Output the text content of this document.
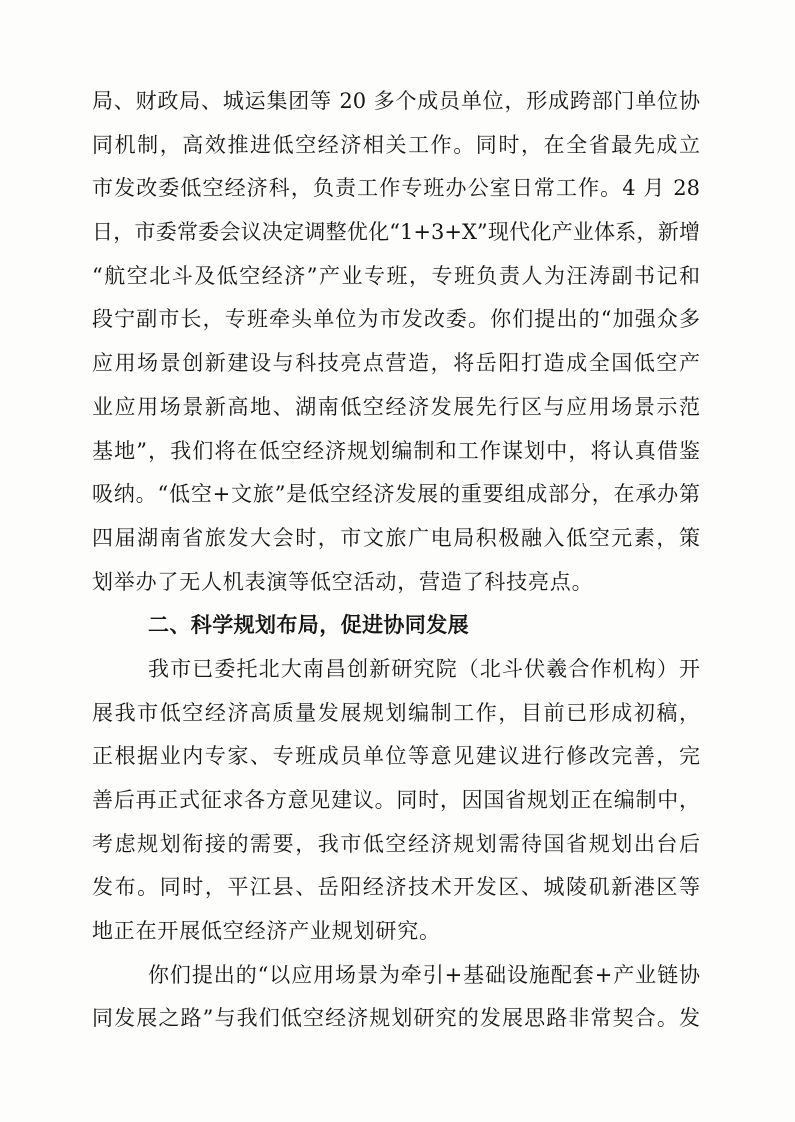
局、财政局、城运集团等 20 多个成员单位，形成跨部门单位协
同机制，高效推进低空经济相关工作。同时，在全省最先成立
市发改委低空经济科，负责工作专班办公室日常工作。4 月 28
日，市委常委会议决定调整优化“1+3+X”现代化产业体系，新增
“航空北斗及低空经济”产业专班，专班负责人为汪涛副书记和
段宁副市长，专班牵头单位为市发改委。你们提出的“加强众多
应用场景创新建设与科技亮点营造，将岳阳打造成全国低空产
业应用场景新高地、湖南低空经济发展先行区与应用场景示范
基地”，我们将在低空经济规划编制和工作谋划中，将认真借鉴
吸纳。“低空+文旅”是低空经济发展的重要组成部分，在承办第
四届湖南省旅发大会时，市文旅广电局积极融入低空元素，策
划举办了无人机表演等低空活动，营造了科技亮点。
二、科学规划布局，促进协同发展
我市已委托北大南昌创新研究院（北斗伏羲合作机构）开
展我市低空经济高质量发展规划编制工作，目前已形成初稿，
正根据业内专家、专班成员单位等意见建议进行修改完善，完
善后再正式征求各方意见建议。同时，因国省规划正在编制中，
考虑规划衔接的需要，我市低空经济规划需待国省规划出台后
发布。同时，平江县、岳阳经济技术开发区、城陵矶新港区等
地正在开展低空经济产业规划研究。
你们提出的“以应用场景为牵引+基础设施配套+产业链协
同发展之路”与我们低空经济规划研究的发展思路非常契合。发
